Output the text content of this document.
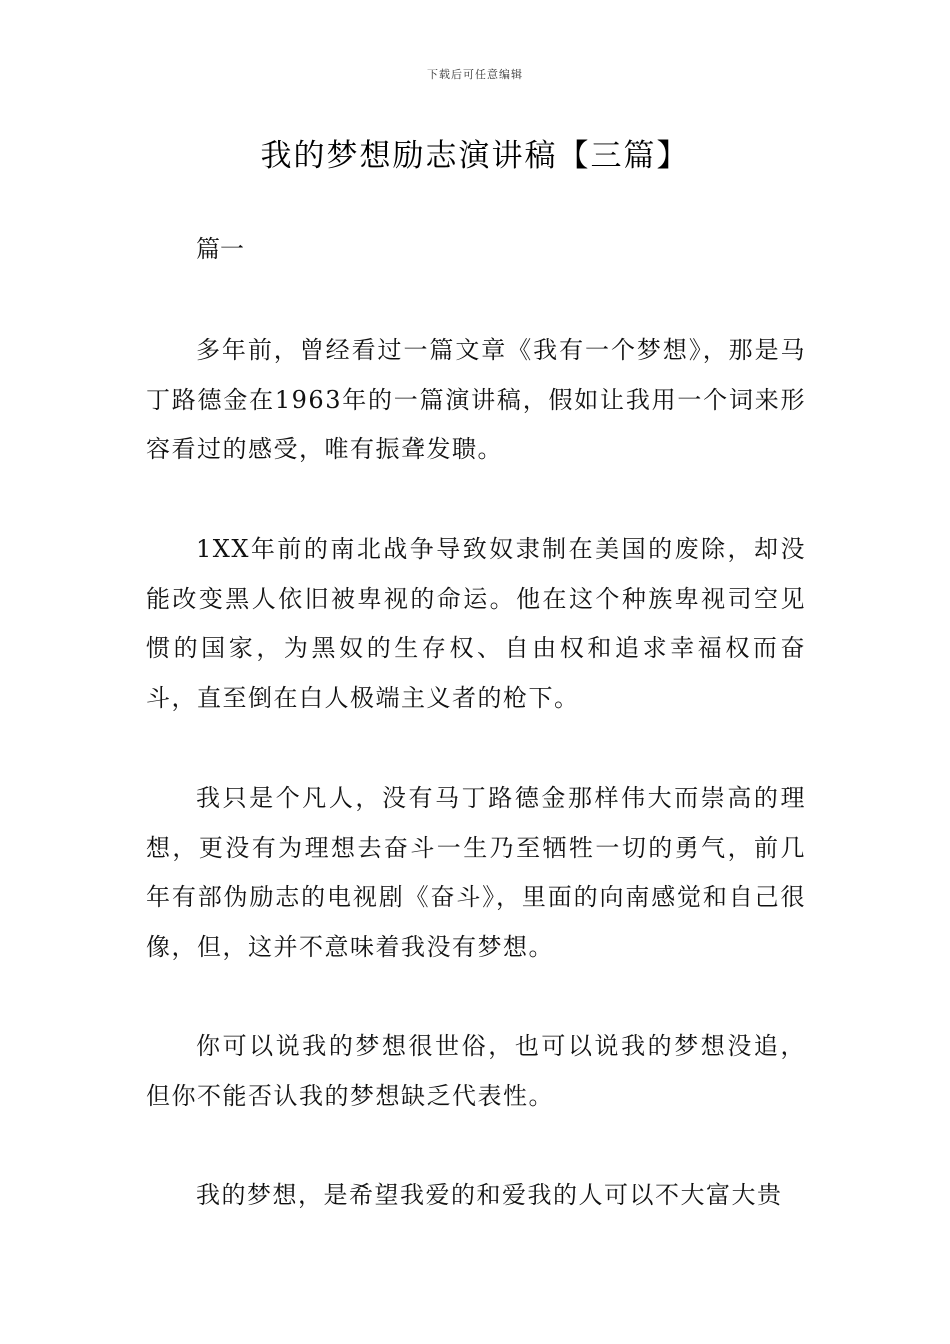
下载后可任意编辑
我的梦想励志演讲稿【三篇】
篇一

多年前，曾经看过一篇文章《我有一个梦想》，那是马丁路德金在1963年的一篇演讲稿，假如让我用一个词来形容看过的感受，唯有振聋发聩。

1XX年前的南北战争导致奴隶制在美国的废除，却没能改变黑人依旧被卑视的命运。他在这个种族卑视司空见惯的国家，为黑奴的生存权、自由权和追求幸福权而奋斗，直至倒在白人极端主义者的枪下。

我只是个凡人，没有马丁路德金那样伟大而崇高的理想，更没有为理想去奋斗一生乃至牺牲一切的勇气，前几年有部伪励志的电视剧《奋斗》，里面的向南感觉和自己很像，但，这并不意味着我没有梦想。

你可以说我的梦想很世俗，也可以说我的梦想没追，但你不能否认我的梦想缺乏代表性。

我的梦想，是希望我爱的和爱我的人可以不大富大贵
